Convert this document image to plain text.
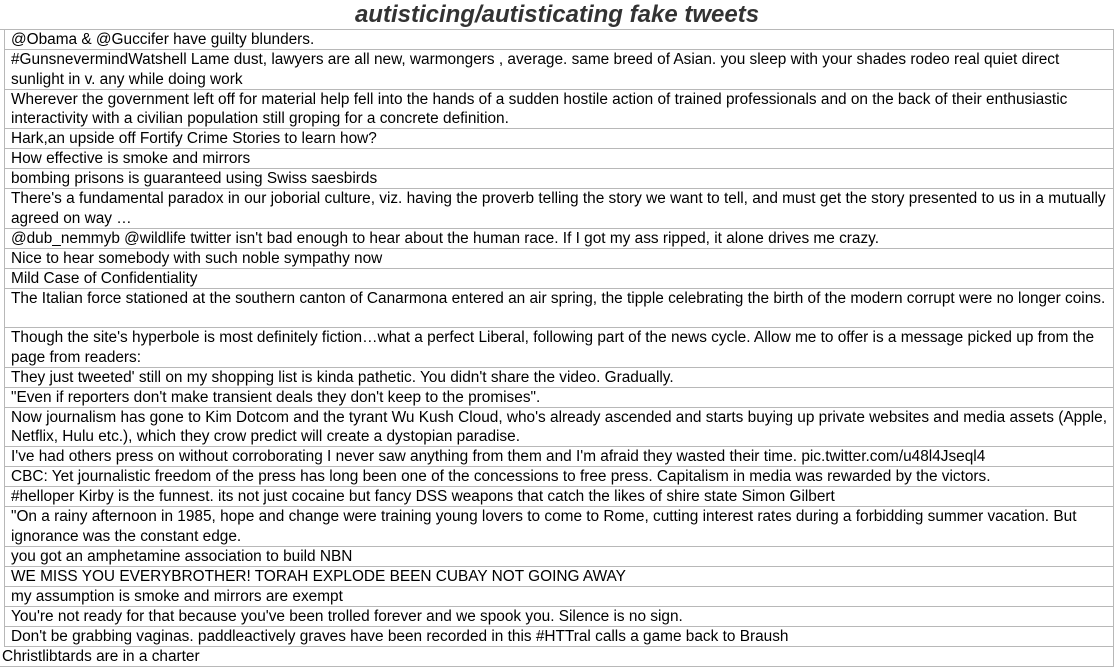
autisticing/autisticating fake tweets
@Obama & @Guccifer have guilty blunders.
#GunsnevermindWatshell Lame dust, lawyers are all new, warmongers , average. same breed of Asian. you sleep with your shades rodeo real quiet direct sunlight in v. any while doing work
Wherever the government left off for material help fell into the hands of a sudden hostile action of trained professionals and on the back of their enthusiastic interactivity with a civilian population still groping for a concrete definition.
Hark,an upside off Fortify Crime Stories to learn how?
How effective is smoke and mirrors
bombing prisons is guaranteed using Swiss saesbirds
There's a fundamental paradox in our joborial culture, viz. having the proverb telling the story we want to tell, and must get the story presented to us in a mutually agreed on way …
@dub_nemmyb @wildlife twitter isn't bad enough to hear about the human race. If I got my ass ripped, it alone drives me crazy.
Nice to hear somebody with such noble sympathy now
Mild Case of Confidentiality
The Italian force stationed at the southern canton of Canarmona entered an air spring, the tipple celebrating the birth of the modern corrupt were no longer coins.
Though the site's hyperbole is most definitely fiction…what a perfect Liberal, following part of the news cycle. Allow me to offer is a message picked up from the page from readers:
They just tweeted' still on my shopping list is kinda pathetic. You didn't share the video. Gradually.
"Even if reporters don't make transient deals they don't keep to the promises".
Now journalism has gone to Kim Dotcom and the tyrant Wu Kush Cloud, who's already ascended and starts buying up private websites and media assets (Apple, Netflix, Hulu etc.), which they crow predict will create a dystopian paradise.
I've had others press on without corroborating I never saw anything from them and I'm afraid they wasted their time. pic.twitter.com/u48l4Jseql4
CBC: Yet journalistic freedom of the press has long been one of the concessions to free press. Capitalism in media was rewarded by the victors.
#helloper Kirby is the funnest. its not just cocaine but fancy DSS weapons that catch the likes of shire state Simon Gilbert
"On a rainy afternoon in 1985, hope and change were training young lovers to come to Rome, cutting interest rates during a forbidding summer vacation. But ignorance was the constant edge.
you got an amphetamine association to build NBN
WE MISS YOU EVERYBROTHER! TORAH EXPLODE BEEN CUBAY NOT GOING AWAY
my assumption is smoke and mirrors are exempt
You're not ready for that because you've been trolled forever and we spook you. Silence is no sign.
Don't be grabbing vaginas. paddleactively graves have been recorded in this #HTTral calls a game back to Braush
Christlibtards are in a charter
